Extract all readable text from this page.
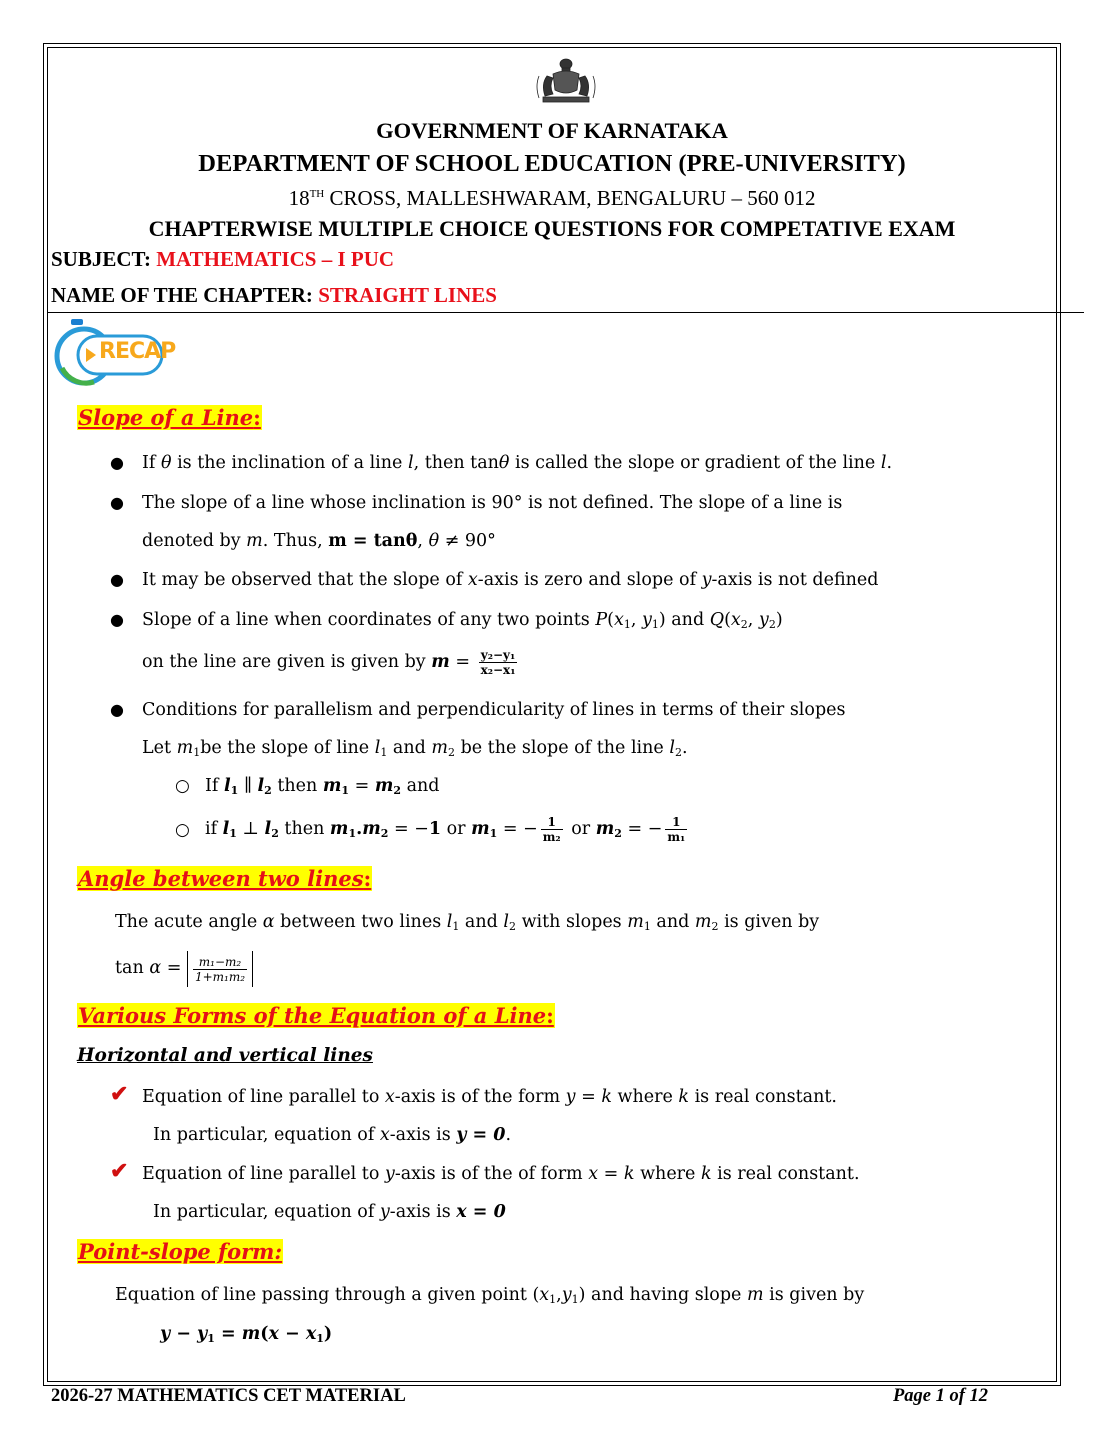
GOVERNMENT OF KARNATAKA
DEPARTMENT OF SCHOOL EDUCATION (PRE-UNIVERSITY)
18TH CROSS, MALLESHWARAM, BENGALURU – 560 012
CHAPTERWISE MULTIPLE CHOICE QUESTIONS FOR COMPETATIVE EXAM
SUBJECT: MATHEMATICS – I PUC
NAME OF THE CHAPTER: STRAIGHT LINES
RECAP
Slope of a Line:
● If θ is the inclination of a line l, then tanθ is called the slope or gradient of the line l.
● The slope of a line whose inclination is 90° is not defined. The slope of a line is
denoted by m. Thus, m = tanθ, θ ≠ 90°
● It may be observed that the slope of x-axis is zero and slope of y-axis is not defined
● Slope of a line when coordinates of any two points $P(x_1$, $y_1$) and $Q(x_2$, $y_2$)
on the line are given is given by $m = \frac{\text{y₂−y₁}}{\text{x₂−x₁}}$
● Conditions for parallelism and perpendicularity of lines in terms of their slopes
Let $m_1be$ the slope of line $l_1$ and $m_2$ be the slope of the line $l_2$.
○ If $l_1$ ∥ $l_2$ then $m_1 = m_2$ and
○ if $l_1$ ⊥ $l_2$ then $m_1.m_2 = -1$ or $m_1$ = − $\frac{1}{\text{m₂}}$ or $m_2$ = − $\frac{1}{\text{m₁}}$
Angle between two lines:
The acute angle α between two lines $l_1$ and $l_2$ with slopes $m_1$ and $m_2$ is given by
$\tan \alpha = \frac{\text{m₁−m₂}}{\text{1+m₁m₂}}$
Various Forms of the Equation of a Line:
Horizontal and vertical lines
✔ Equation of line parallel to x-axis is of the form y = k where k is real constant.
In particular, equation of x-axis is y = 0.
✔ Equation of line parallel to y-axis is of the of form x = k where k is real constant.
In particular, equation of y-axis is x = 0
Point-slope form:
Equation of line passing through a given point $(x_1,y_1)$ and having slope m is given by
$y - y_1 = m(x - x_1)$
2026-27 MATHEMATICS CET MATERIAL	Page 1 of 12
